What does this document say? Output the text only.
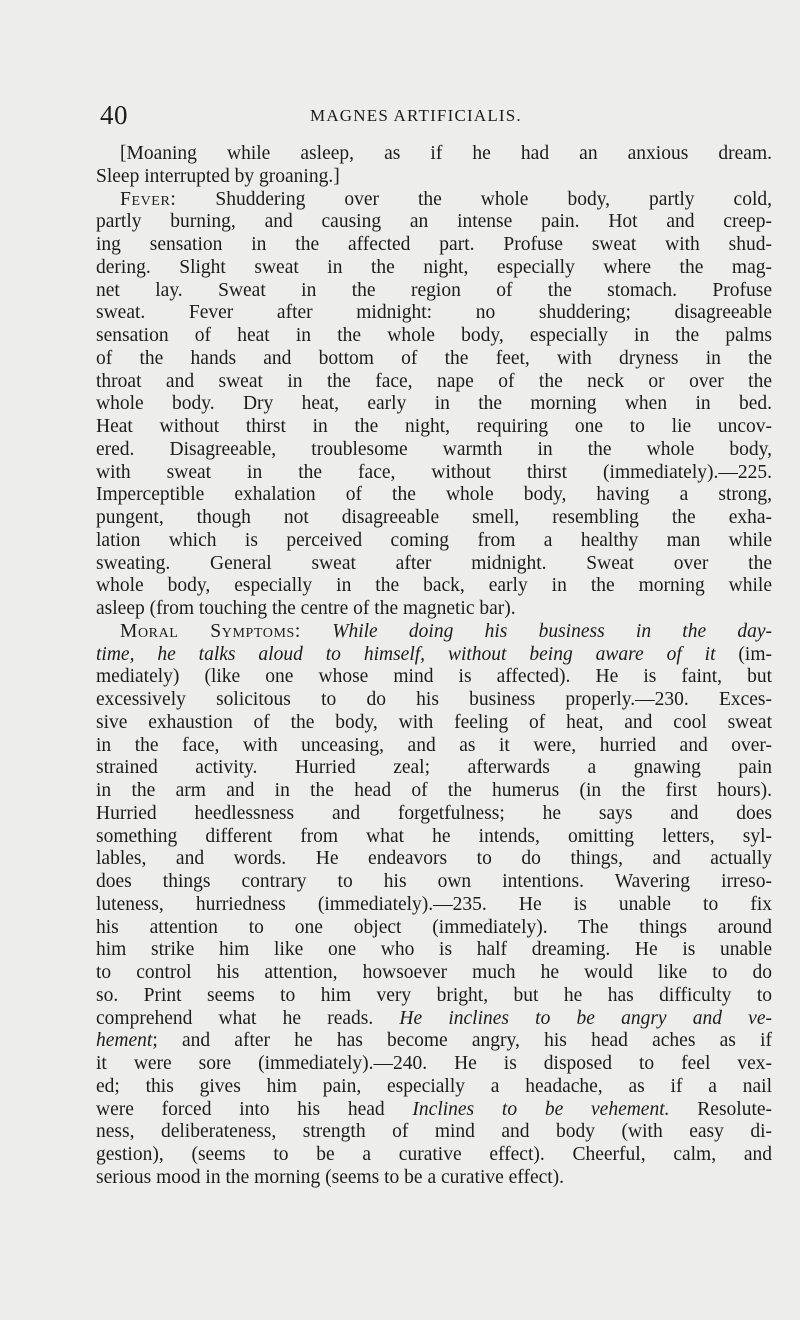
40	MAGNES ARTIFICIALIS.
[Moaning while asleep, as if he had an anxious dream.
Sleep interrupted by groaning.]
Fever: Shuddering over the whole body, partly cold,
partly burning, and causing an intense pain. Hot and creep-
ing sensation in the affected part. Profuse sweat with shud-
dering. Slight sweat in the night, especially where the mag-
net lay. Sweat in the region of the stomach. Profuse
sweat. Fever after midnight: no shuddering; disagreeable
sensation of heat in the whole body, especially in the palms
of the hands and bottom of the feet, with dryness in the
throat and sweat in the face, nape of the neck or over the
whole body. Dry heat, early in the morning when in bed.
Heat without thirst in the night, requiring one to lie uncov-
ered. Disagreeable, troublesome warmth in the whole body,
with sweat in the face, without thirst (immediately).—225.
Imperceptible exhalation of the whole body, having a strong,
pungent, though not disagreeable smell, resembling the exha-
lation which is perceived coming from a healthy man while
sweating. General sweat after midnight. Sweat over the
whole body, especially in the back, early in the morning while
asleep (from touching the centre of the magnetic bar).
Moral Symptoms: While doing his business in the day-
time, he talks aloud to himself, without being aware of it (im-
mediately) (like one whose mind is affected). He is faint, but
excessively solicitous to do his business properly.—230. Exces-
sive exhaustion of the body, with feeling of heat, and cool sweat
in the face, with unceasing, and as it were, hurried and over-
strained activity. Hurried zeal; afterwards a gnawing pain
in the arm and in the head of the humerus (in the first hours).
Hurried heedlessness and forgetfulness; he says and does
something different from what he intends, omitting letters, syl-
lables, and words. He endeavors to do things, and actually
does things contrary to his own intentions. Wavering irreso-
luteness, hurriedness (immediately).—235. He is unable to fix
his attention to one object (immediately). The things around
him strike him like one who is half dreaming. He is unable
to control his attention, howsoever much he would like to do
so. Print seems to him very bright, but he has difficulty to
comprehend what he reads. He inclines to be angry and ve-
hement; and after he has become angry, his head aches as if
it were sore (immediately).—240. He is disposed to feel vex-
ed; this gives him pain, especially a headache, as if a nail
were forced into his head Inclines to be vehement. Resolute-
ness, deliberateness, strength of mind and body (with easy di-
gestion), (seems to be a curative effect). Cheerful, calm, and
serious mood in the morning (seems to be a curative effect).
